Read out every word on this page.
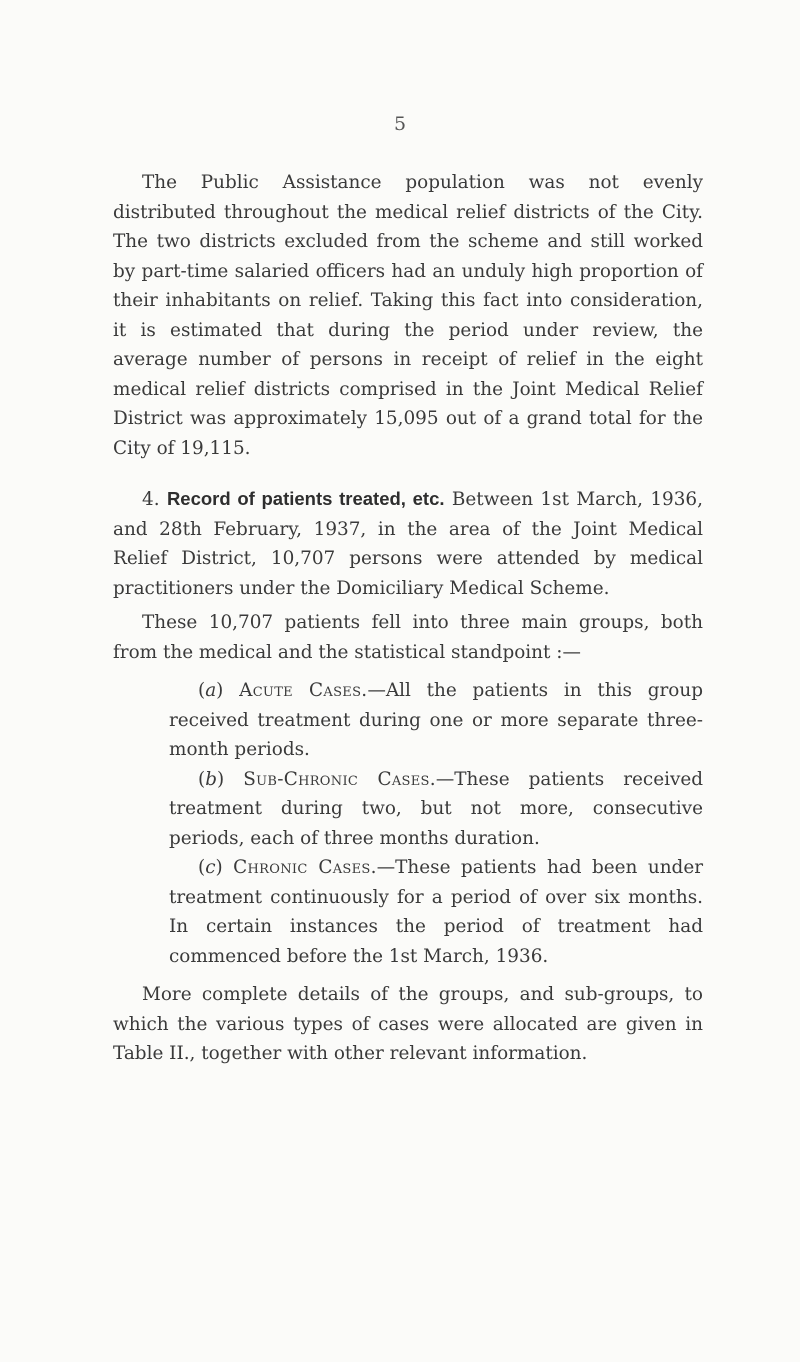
5

The Public Assistance population was not evenly distributed throughout the medical relief districts of the City. The two districts excluded from the scheme and still worked by part-time salaried officers had an unduly high proportion of their inhabitants on relief. Taking this fact into consideration, it is estimated that during the period under review, the average number of persons in receipt of relief in the eight medical relief districts comprised in the Joint Medical Relief District was approximately 15,095 out of a grand total for the City of 19,115.

4. Record of patients treated, etc. Between 1st March, 1936, and 28th February, 1937, in the area of the Joint Medical Relief District, 10,707 persons were attended by medical practitioners under the Domiciliary Medical Scheme.

These 10,707 patients fell into three main groups, both from the medical and the statistical standpoint :—

(a) Acute Cases.—All the patients in this group received treatment during one or more separate three-month periods.

(b) Sub-Chronic Cases.—These patients received treatment during two, but not more, consecutive periods, each of three months duration.

(c) Chronic Cases.—These patients had been under treatment continuously for a period of over six months. In certain instances the period of treatment had commenced before the 1st March, 1936.

More complete details of the groups, and sub-groups, to which the various types of cases were allocated are given in Table II., together with other relevant information.
